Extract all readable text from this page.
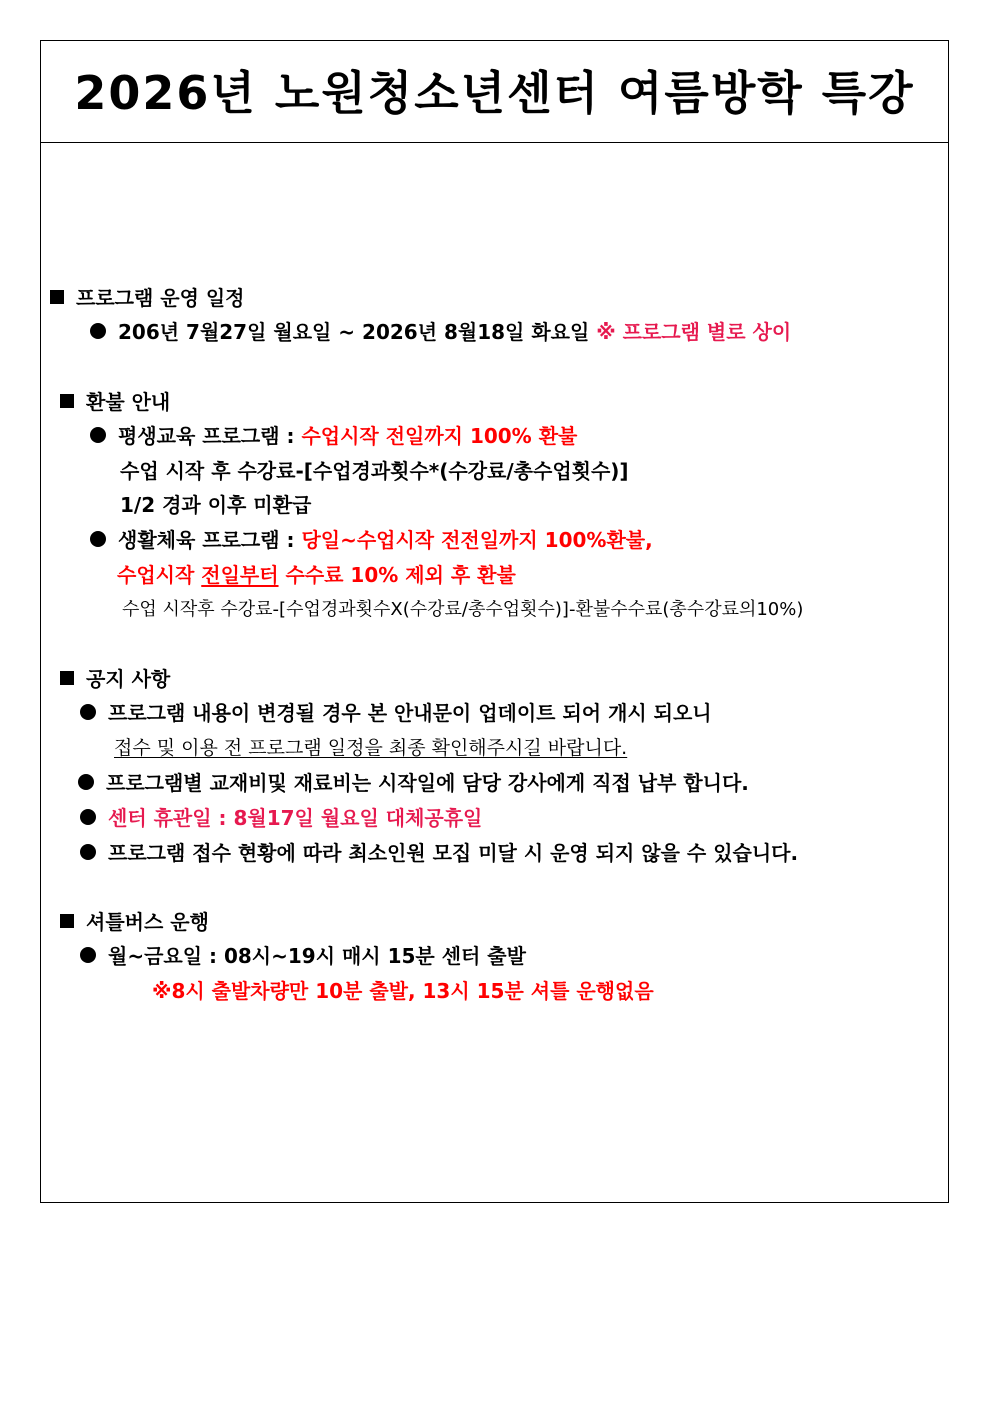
2026년 노원청소년센터 여름방학 특강
프로그램 운영 일정
206년 7월27일 월요일 ~ 2026년 8월18일 화요일 ※ 프로그램 별로 상이
환불 안내
평생교육 프로그램 : 수업시작 전일까지 100% 환불
수업 시작 후 수강료-[수업경과횟수*(수강료/총수업횟수)]
1/2 경과 이후 미환급
생활체육 프로그램 : 당일~수업시작 전전일까지 100%환불,
수업시작 전일부터 수수료 10% 제외 후 환불
수업 시작후 수강료-[수업경과횟수X(수강료/총수업횟수)]-환불수수료(총수강료의10%)
공지 사항
프로그램 내용이 변경될 경우 본 안내문이 업데이트 되어 개시 되오니
접수 및 이용 전 프로그램 일정을 최종 확인해주시길 바랍니다.
프로그램별 교재비및 재료비는 시작일에 담당 강사에게 직접 납부 합니다.
센터 휴관일 : 8월17일 월요일 대체공휴일
프로그램 접수 현황에 따라 최소인원 모집 미달 시 운영 되지 않을 수 있습니다.
셔틀버스 운행
월~금요일 : 08시~19시 매시 15분 센터 출발
※8시 출발차량만 10분 출발, 13시 15분 셔틀 운행없음
